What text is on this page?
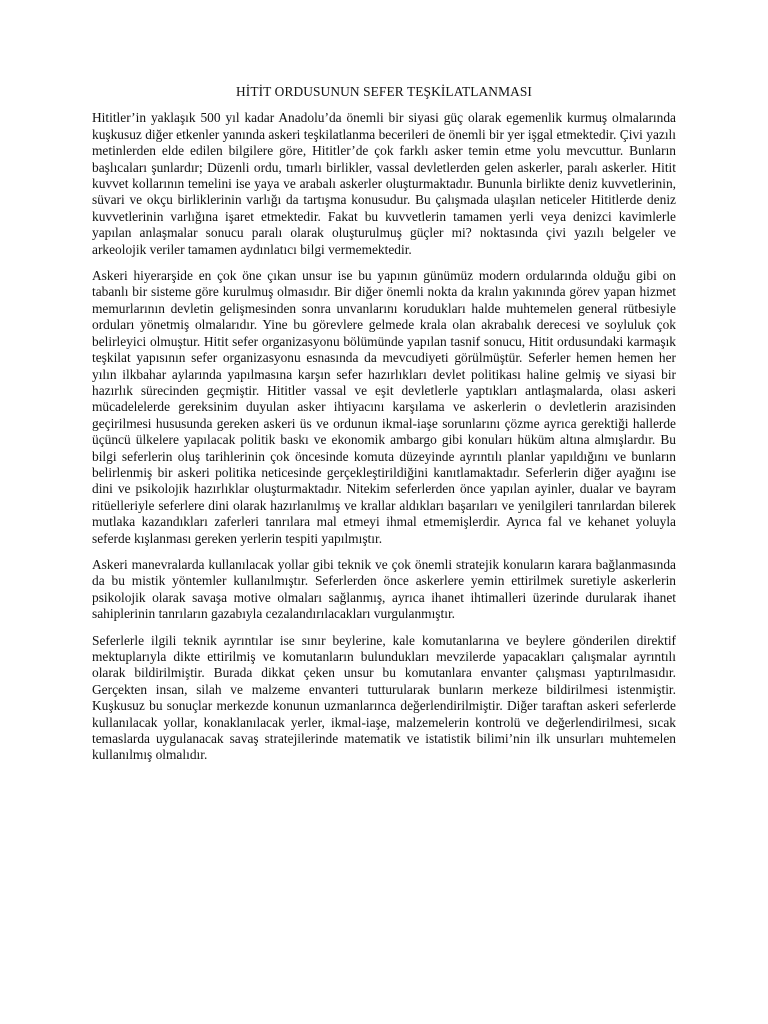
HİTİT ORDUSUNUN SEFER TEŞKİLATLANMASI

Hititler’in yaklaşık 500 yıl kadar Anadolu’da önemli bir siyasi güç olarak egemenlik kurmuş olmalarında kuşkusuz diğer etkenler yanında askeri teşkilatlanma becerileri de önemli bir yer işgal etmektedir. Çivi yazılı metinlerden elde edilen bilgilere göre, Hititler’de çok farklı asker temin etme yolu mevcuttur. Bunların başlıcaları şunlardır; Düzenli ordu, tımarlı birlikler, vassal devletlerden gelen askerler, paralı askerler. Hitit kuvvet kollarının temelini ise yaya ve arabalı askerler oluşturmaktadır. Bununla birlikte deniz kuvvetlerinin, süvari ve okçu birliklerinin varlığı da tartışma konusudur. Bu çalışmada ulaşılan neticeler Hititlerde deniz kuvvetlerinin varlığına işaret etmektedir. Fakat bu kuvvetlerin tamamen yerli veya denizci kavimlerle yapılan anlaşmalar sonucu paralı olarak oluşturulmuş güçler mi? noktasında çivi yazılı belgeler ve arkeolojik veriler tamamen aydınlatıcı bilgi vermemektedir.

Askeri hiyerarşide en çok öne çıkan unsur ise bu yapının günümüz modern ordularında olduğu gibi on tabanlı bir sisteme göre kurulmuş olmasıdır. Bir diğer önemli nokta da kralın yakınında görev yapan hizmet memurlarının devletin gelişmesinden sonra unvanlarını korudukları halde muhtemelen general rütbesiyle orduları yönetmiş olmalarıdır. Yine bu görevlere gelmede krala olan akrabalık derecesi ve soyluluk çok belirleyici olmuştur. Hitit sefer organizasyonu bölümünde yapılan tasnif sonucu, Hitit ordusundaki karmaşık teşkilat yapısının sefer organizasyonu esnasında da mevcudiyeti görülmüştür. Seferler hemen hemen her yılın ilkbahar aylarında yapılmasına karşın sefer hazırlıkları devlet politikası haline gelmiş ve siyasi bir hazırlık sürecinden geçmiştir. Hititler vassal ve eşit devletlerle yaptıkları antlaşmalarda, olası askeri mücadelelerde gereksinim duyulan asker ihtiyacını karşılama ve askerlerin o devletlerin arazisinden geçirilmesi hususunda gereken askeri üs ve ordunun ikmal-iaşe sorunlarını çözme ayrıca gerektiği hallerde üçüncü ülkelere yapılacak politik baskı ve ekonomik ambargo gibi konuları hüküm altına almışlardır. Bu bilgi seferlerin oluş tarihlerinin çok öncesinde komuta düzeyinde ayrıntılı planlar yapıldığını ve bunların belirlenmiş bir askeri politika neticesinde gerçekleştirildiğini kanıtlamaktadır. Seferlerin diğer ayağını ise dini ve psikolojik hazırlıklar oluşturmaktadır. Nitekim seferlerden önce yapılan ayinler, dualar ve bayram ritüelleriyle seferlere dini olarak hazırlanılmış ve krallar aldıkları başarıları ve yenilgileri tanrılardan bilerek mutlaka kazandıkları zaferleri tanrılara mal etmeyi ihmal etmemişlerdir. Ayrıca fal ve kehanet yoluyla seferde kışlanması gereken yerlerin tespiti yapılmıştır.

Askeri manevralarda kullanılacak yollar gibi teknik ve çok önemli stratejik konuların karara bağlanmasında da bu mistik yöntemler kullanılmıştır. Seferlerden önce askerlere yemin ettirilmek suretiyle askerlerin psikolojik olarak savaşa motive olmaları sağlanmış, ayrıca ihanet ihtimalleri üzerinde durularak ihanet sahiplerinin tanrıların gazabıyla cezalandırılacakları vurgulanmıştır.

Seferlerle ilgili teknik ayrıntılar ise sınır beylerine, kale komutanlarına ve beylere gönderilen direktif mektuplarıyla dikte ettirilmiş ve komutanların bulundukları mevzilerde yapacakları çalışmalar ayrıntılı olarak bildirilmiştir. Burada dikkat çeken unsur bu komutanlara envanter çalışması yaptırılmasıdır. Gerçekten insan, silah ve malzeme envanteri tutturularak bunların merkeze bildirilmesi istenmiştir. Kuşkusuz bu sonuçlar merkezde konunun uzmanlarınca değerlendirilmiştir. Diğer taraftan askeri seferlerde kullanılacak yollar, konaklanılacak yerler, ikmal-iaşe, malzemelerin kontrolü ve değerlendirilmesi, sıcak temaslarda uygulanacak savaş stratejilerinde matematik ve istatistik bilimi’nin ilk unsurları muhtemelen kullanılmış olmalıdır.
